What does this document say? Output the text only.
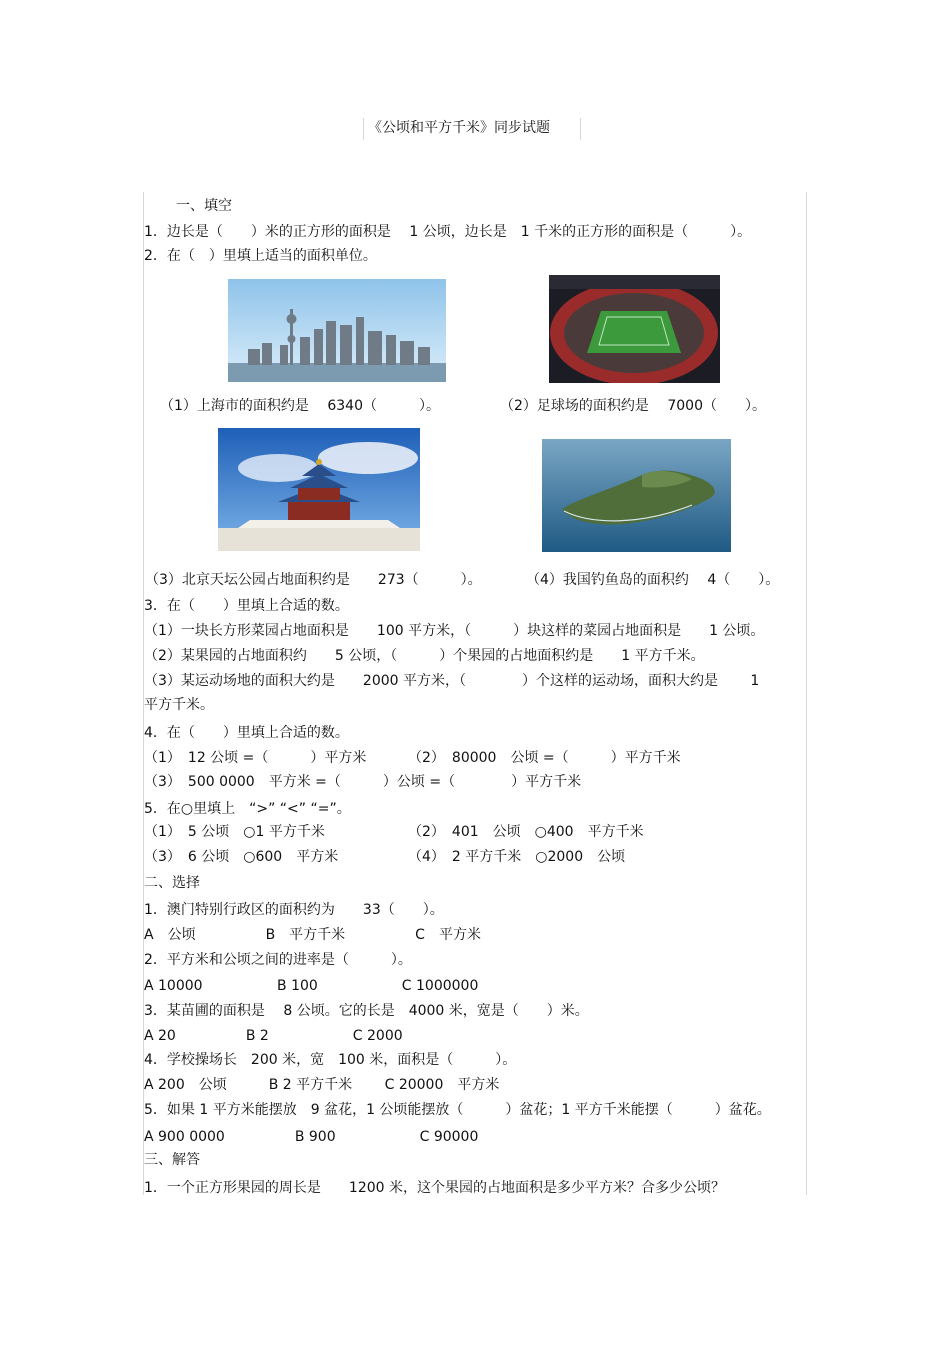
《公顷和平方千米》同步试题
一、填空
1．边长是（　　）米的正方形的面积是　 1 公顷，边长是　1 千米的正方形的面积是（　　　）。
2．在（　）里填上适当的面积单位。
（1）上海市的面积约是　 6340（　　　）。	（2）足球场的面积约是　 7000（　　）。
（3）北京天坛公园占地面积约是　　273（　　　）。	（4）我国钓鱼岛的面积约　 4（　　）。
3．在（　　）里填上合适的数。
（1）一块长方形菜园占地面积是　　100 平方米，（　　　）块这样的菜园占地面积是　　1 公顷。
（2）某果园的占地面积约　　5 公顷，（　　　）个果园的占地面积约是　　1 平方千米。
（3）某运动场地的面积大约是　　2000 平方米，（　　　　）个这样的运动场，面积大约是　　 1
平方千米。
4．在（　　）里填上合适的数。
（1）　12 公顷 =（　　　）平方米	（2）　80000　公顷 =（　　　）平方千米
（3）　500 0000　平方米 =（　　　）公顷 =（　　　　）平方千米
5．在○里填上　“>” “<” “=”。
（1）　5 公顷　○1 平方千米	（2）　401　公顷　○400　平方千米
（3）　6 公顷　○600　平方米	（4）　2 平方千米　○2000　公顷
二、选择
1．澳门特别行政区的面积约为　　33（　　）。
A　公顷　　　　　B　平方千米　　　　　C　平方米
2．平方米和公顷之间的进率是（　　　）。
A 10000　　　　　 B 100　　　　　　C 1000000
3．某苗圃的面积是　 8 公顷。它的长是　4000 米，宽是（　　）米。
A 20　　　　　B 2　　　　　　C 2000
4．学校操场长　200 米，宽　100 米，面积是（　　　）。
A 200　公顷　　　B 2 平方千米　　 C 20000　平方米
5．如果 1 平方米能摆放　9 盆花，1 公顷能摆放（　　　）盆花；1 平方千米能摆（　　　）盆花。
A 900 0000　　　　　B 900　　　　　　C 90000
三、解答
1．一个正方形果园的周长是　　1200 米，这个果园的占地面积是多少平方米？合多少公顷？
